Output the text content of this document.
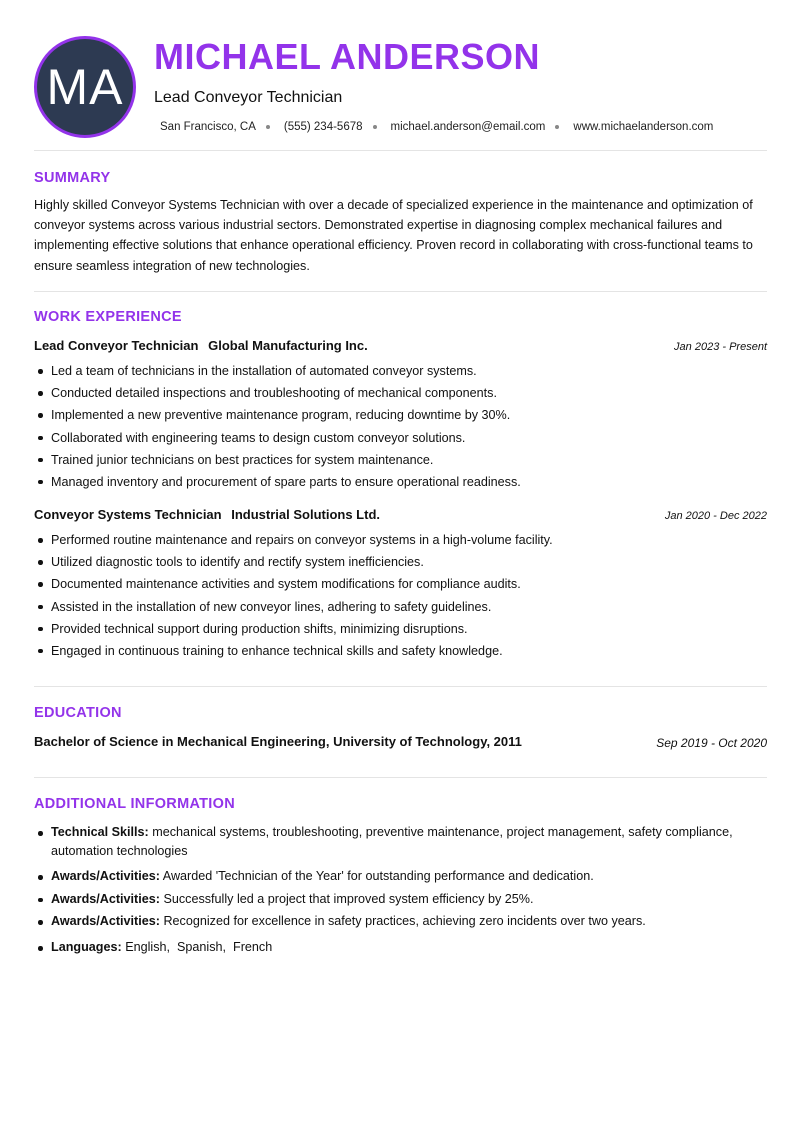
MA
MICHAEL ANDERSON
Lead Conveyor Technician
San Francisco, CA (555) 234-5678 michael.anderson@email.com www.michaelanderson.com
SUMMARY
Highly skilled Conveyor Systems Technician with over a decade of specialized experience in the maintenance and optimization of conveyor systems across various industrial sectors. Demonstrated expertise in diagnosing complex mechanical failures and implementing effective solutions that enhance operational efficiency. Proven record in collaborating with cross-functional teams to ensure seamless integration of new technologies.
WORK EXPERIENCE
Lead Conveyor Technician Global Manufacturing Inc.	Jan 2023 - Present
Led a team of technicians in the installation of automated conveyor systems.
Conducted detailed inspections and troubleshooting of mechanical components.
Implemented a new preventive maintenance program, reducing downtime by 30%.
Collaborated with engineering teams to design custom conveyor solutions.
Trained junior technicians on best practices for system maintenance.
Managed inventory and procurement of spare parts to ensure operational readiness.
Conveyor Systems Technician Industrial Solutions Ltd.	Jan 2020 - Dec 2022
Performed routine maintenance and repairs on conveyor systems in a high-volume facility.
Utilized diagnostic tools to identify and rectify system inefficiencies.
Documented maintenance activities and system modifications for compliance audits.
Assisted in the installation of new conveyor lines, adhering to safety guidelines.
Provided technical support during production shifts, minimizing disruptions.
Engaged in continuous training to enhance technical skills and safety knowledge.
EDUCATION
Bachelor of Science in Mechanical Engineering, University of Technology, 2011	Sep 2019 - Oct 2020
ADDITIONAL INFORMATION
Technical Skills: mechanical systems, troubleshooting, preventive maintenance, project management, safety compliance, automation technologies
Awards/Activities: Awarded 'Technician of the Year' for outstanding performance and dedication.
Awards/Activities: Successfully led a project that improved system efficiency by 25%.
Awards/Activities: Recognized for excellence in safety practices, achieving zero incidents over two years.
Languages: English,  Spanish,  French
